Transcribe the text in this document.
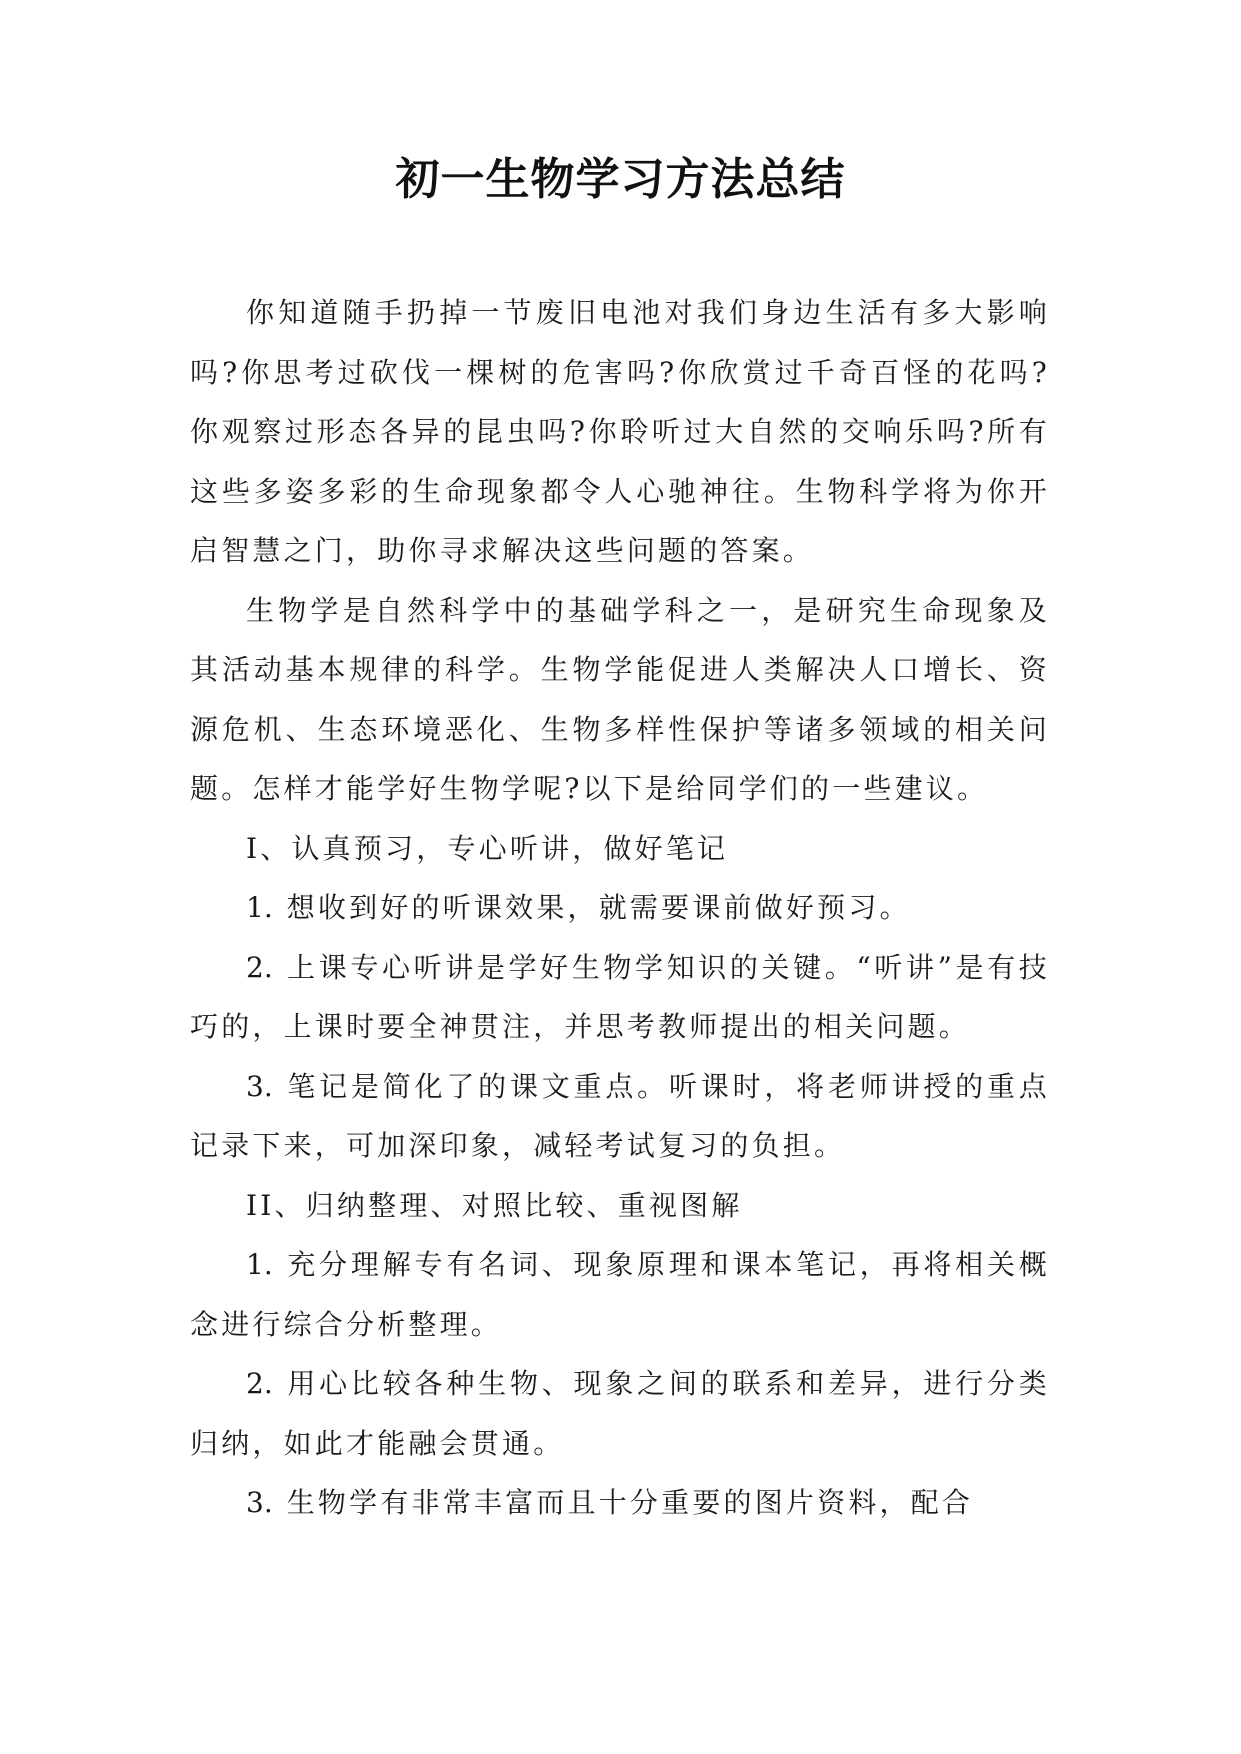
初一生物学习方法总结

你知道随手扔掉一节废旧电池对我们身边生活有多大影响吗?你思考过砍伐一棵树的危害吗?你欣赏过千奇百怪的花吗?你观察过形态各异的昆虫吗?你聆听过大自然的交响乐吗?所有这些多姿多彩的生命现象都令人心驰神往。生物科学将为你开启智慧之门，助你寻求解决这些问题的答案。

生物学是自然科学中的基础学科之一，是研究生命现象及其活动基本规律的科学。生物学能促进人类解决人口增长、资源危机、生态环境恶化、生物多样性保护等诸多领域的相关问题。怎样才能学好生物学呢?以下是给同学们的一些建议。

I、认真预习，专心听讲，做好笔记

1. 想收到好的听课效果，就需要课前做好预习。

2. 上课专心听讲是学好生物学知识的关键。“听讲”是有技巧的，上课时要全神贯注，并思考教师提出的相关问题。

3. 笔记是简化了的课文重点。听课时，将老师讲授的重点记录下来，可加深印象，减轻考试复习的负担。

II、归纳整理、对照比较、重视图解

1. 充分理解专有名词、现象原理和课本笔记，再将相关概念进行综合分析整理。

2. 用心比较各种生物、现象之间的联系和差异，进行分类归纳，如此才能融会贯通。

3. 生物学有非常丰富而且十分重要的图片资料，配合
